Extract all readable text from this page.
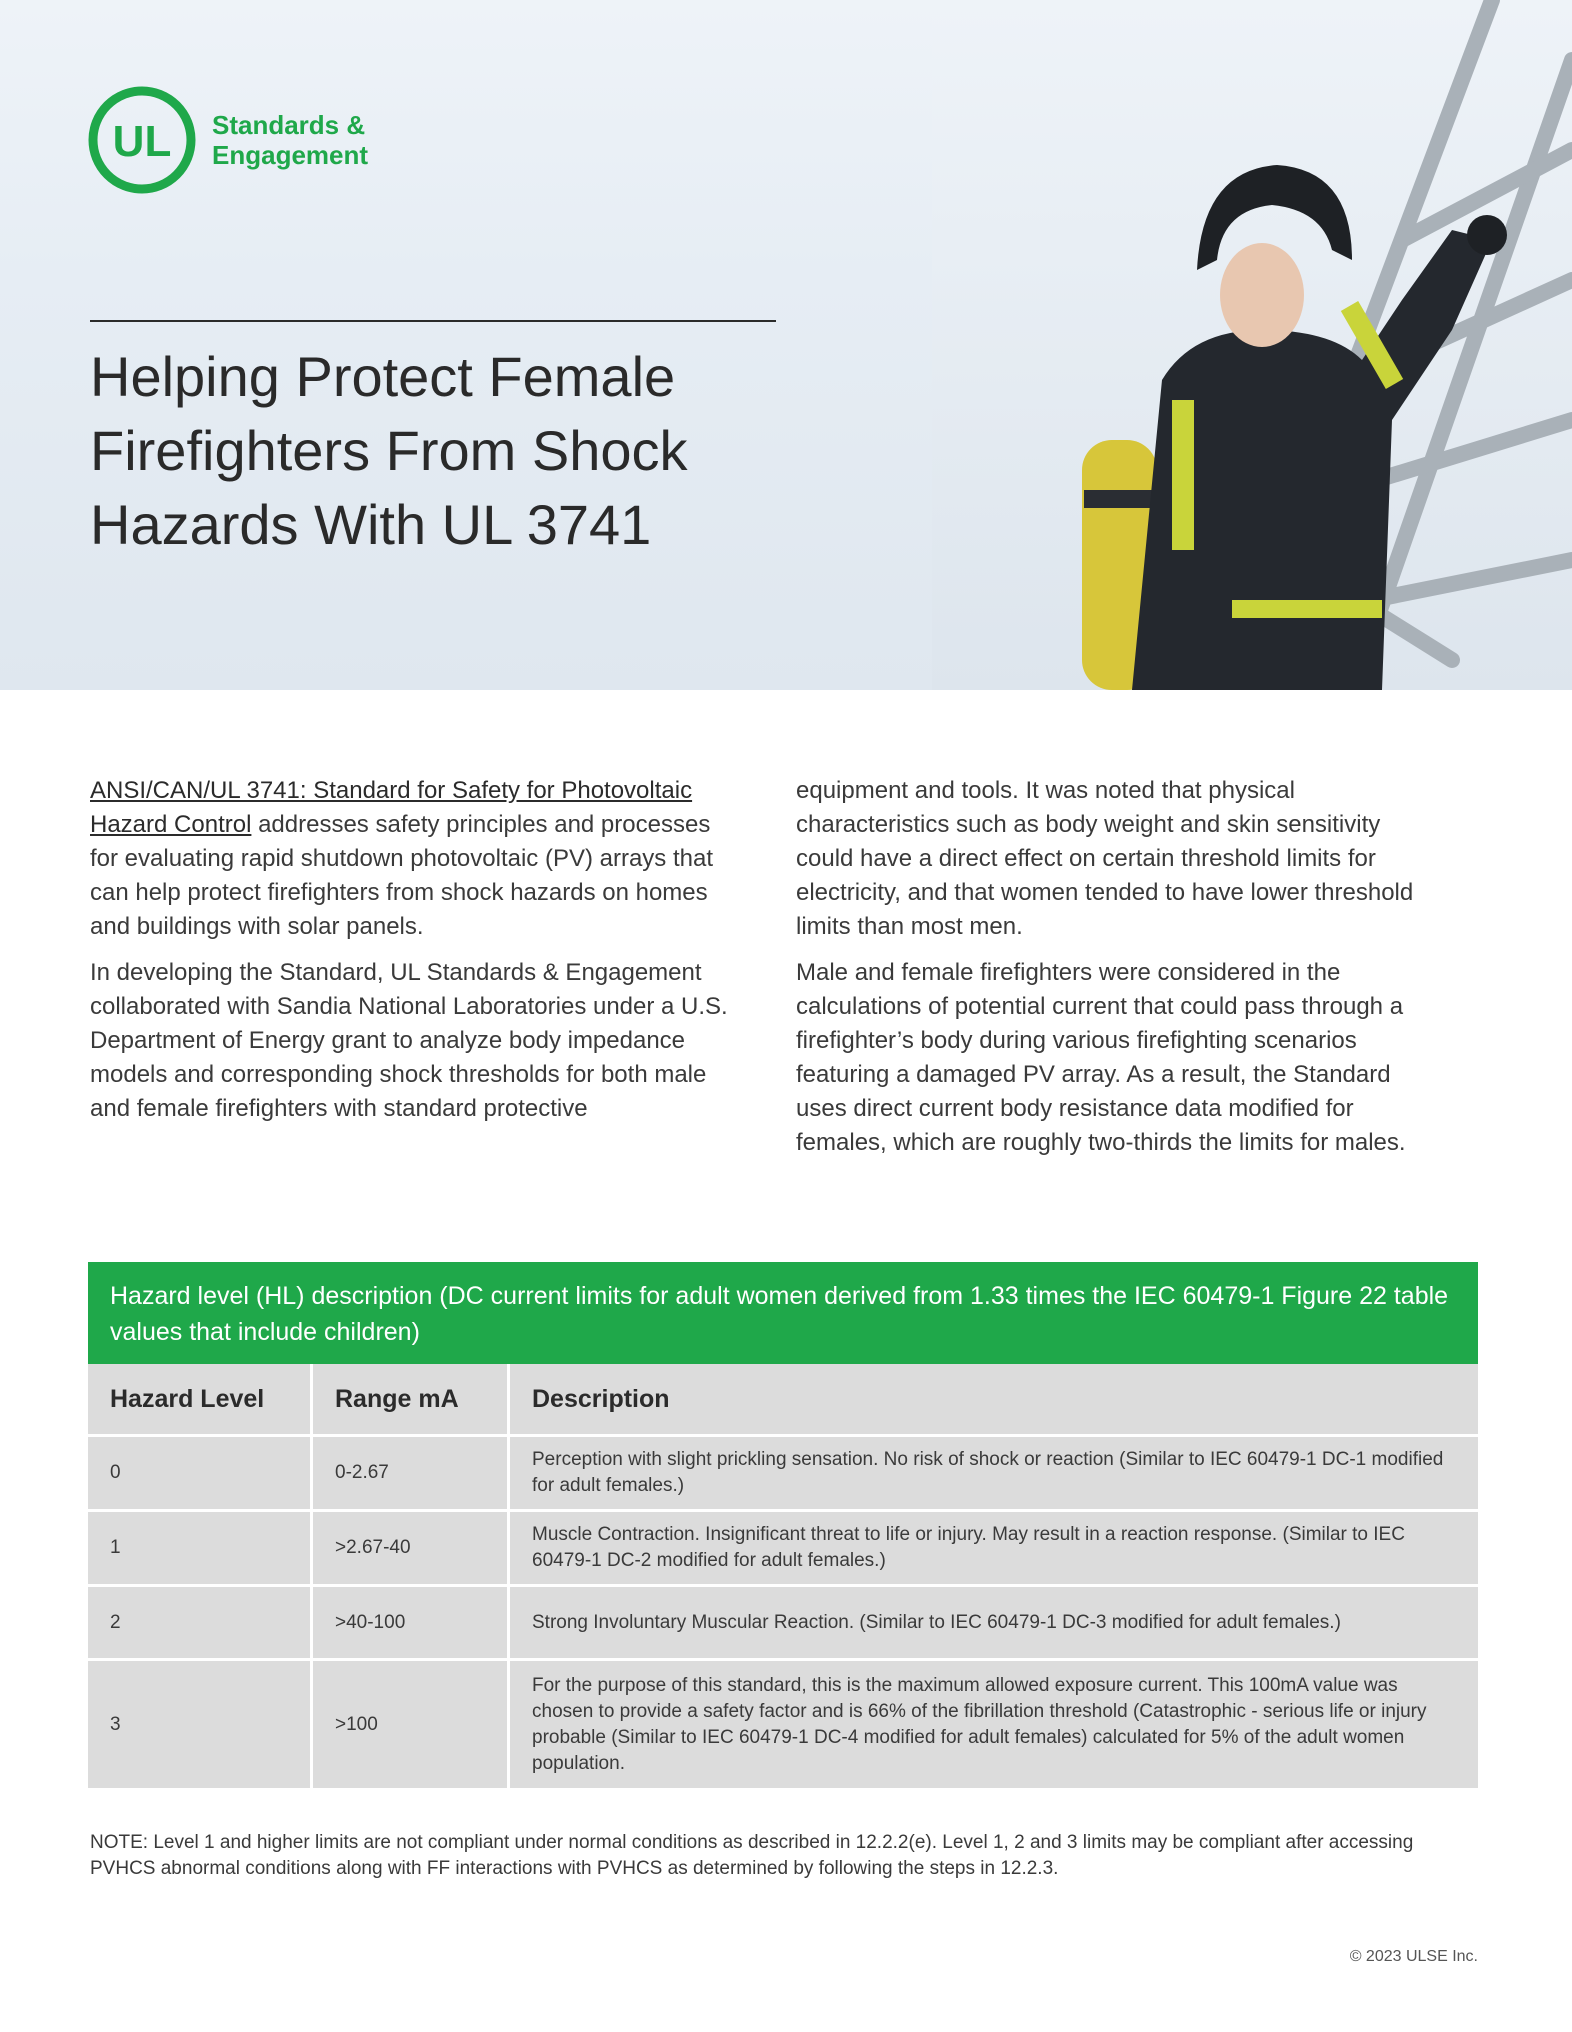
UL Standards &
Engagement
Helping Protect Female Firefighters From Shock Hazards With UL 3741

ANSI/CAN/UL 3741: Standard for Safety for Photovoltaic Hazard Control addresses safety principles and processes for evaluating rapid shutdown photovoltaic (PV) arrays that can help protect firefighters from shock hazards on homes and buildings with solar panels.

In developing the Standard, UL Standards & Engagement collaborated with Sandia National Laboratories under a U.S. Department of Energy grant to analyze body impedance models and corresponding shock thresholds for both male and female firefighters with standard protective

equipment and tools. It was noted that physical characteristics such as body weight and skin sensitivity could have a direct effect on certain threshold limits for electricity, and that women tended to have lower threshold limits than most men.

Male and female firefighters were considered in the calculations of potential current that could pass through a firefighter’s body during various firefighting scenarios featuring a damaged PV array. As a result, the Standard uses direct current body resistance data modified for females, which are roughly two-thirds the limits for males.

Hazard level (HL) description (DC current limits for adult women derived from 1.33 times the IEC 60479-1 Figure 22 table values that include children)
Hazard Level	Range mA	Description
0	0-2.67	Perception with slight prickling sensation. No risk of shock or reaction (Similar to IEC 60479-1 DC-1 modified for adult females.)
1	>2.67-40	Muscle Contraction. Insignificant threat to life or injury. May result in a reaction response. (Similar to IEC 60479-1 DC-2 modified for adult females.)
2	>40-100	Strong Involuntary Muscular Reaction. (Similar to IEC 60479-1 DC-3 modified for adult females.)
3	>100	For the purpose of this standard, this is the maximum allowed exposure current. This 100mA value was chosen to provide a safety factor and is 66% of the fibrillation threshold (Catastrophic - serious life or injury probable (Similar to IEC 60479-1 DC-4 modified for adult females) calculated for 5% of the adult women population.

NOTE: Level 1 and higher limits are not compliant under normal conditions as described in 12.2.2(e). Level 1, 2 and 3 limits may be compliant after accessing PVHCS abnormal conditions along with FF interactions with PVHCS as determined by following the steps in 12.2.3.

© 2023 ULSE Inc.
